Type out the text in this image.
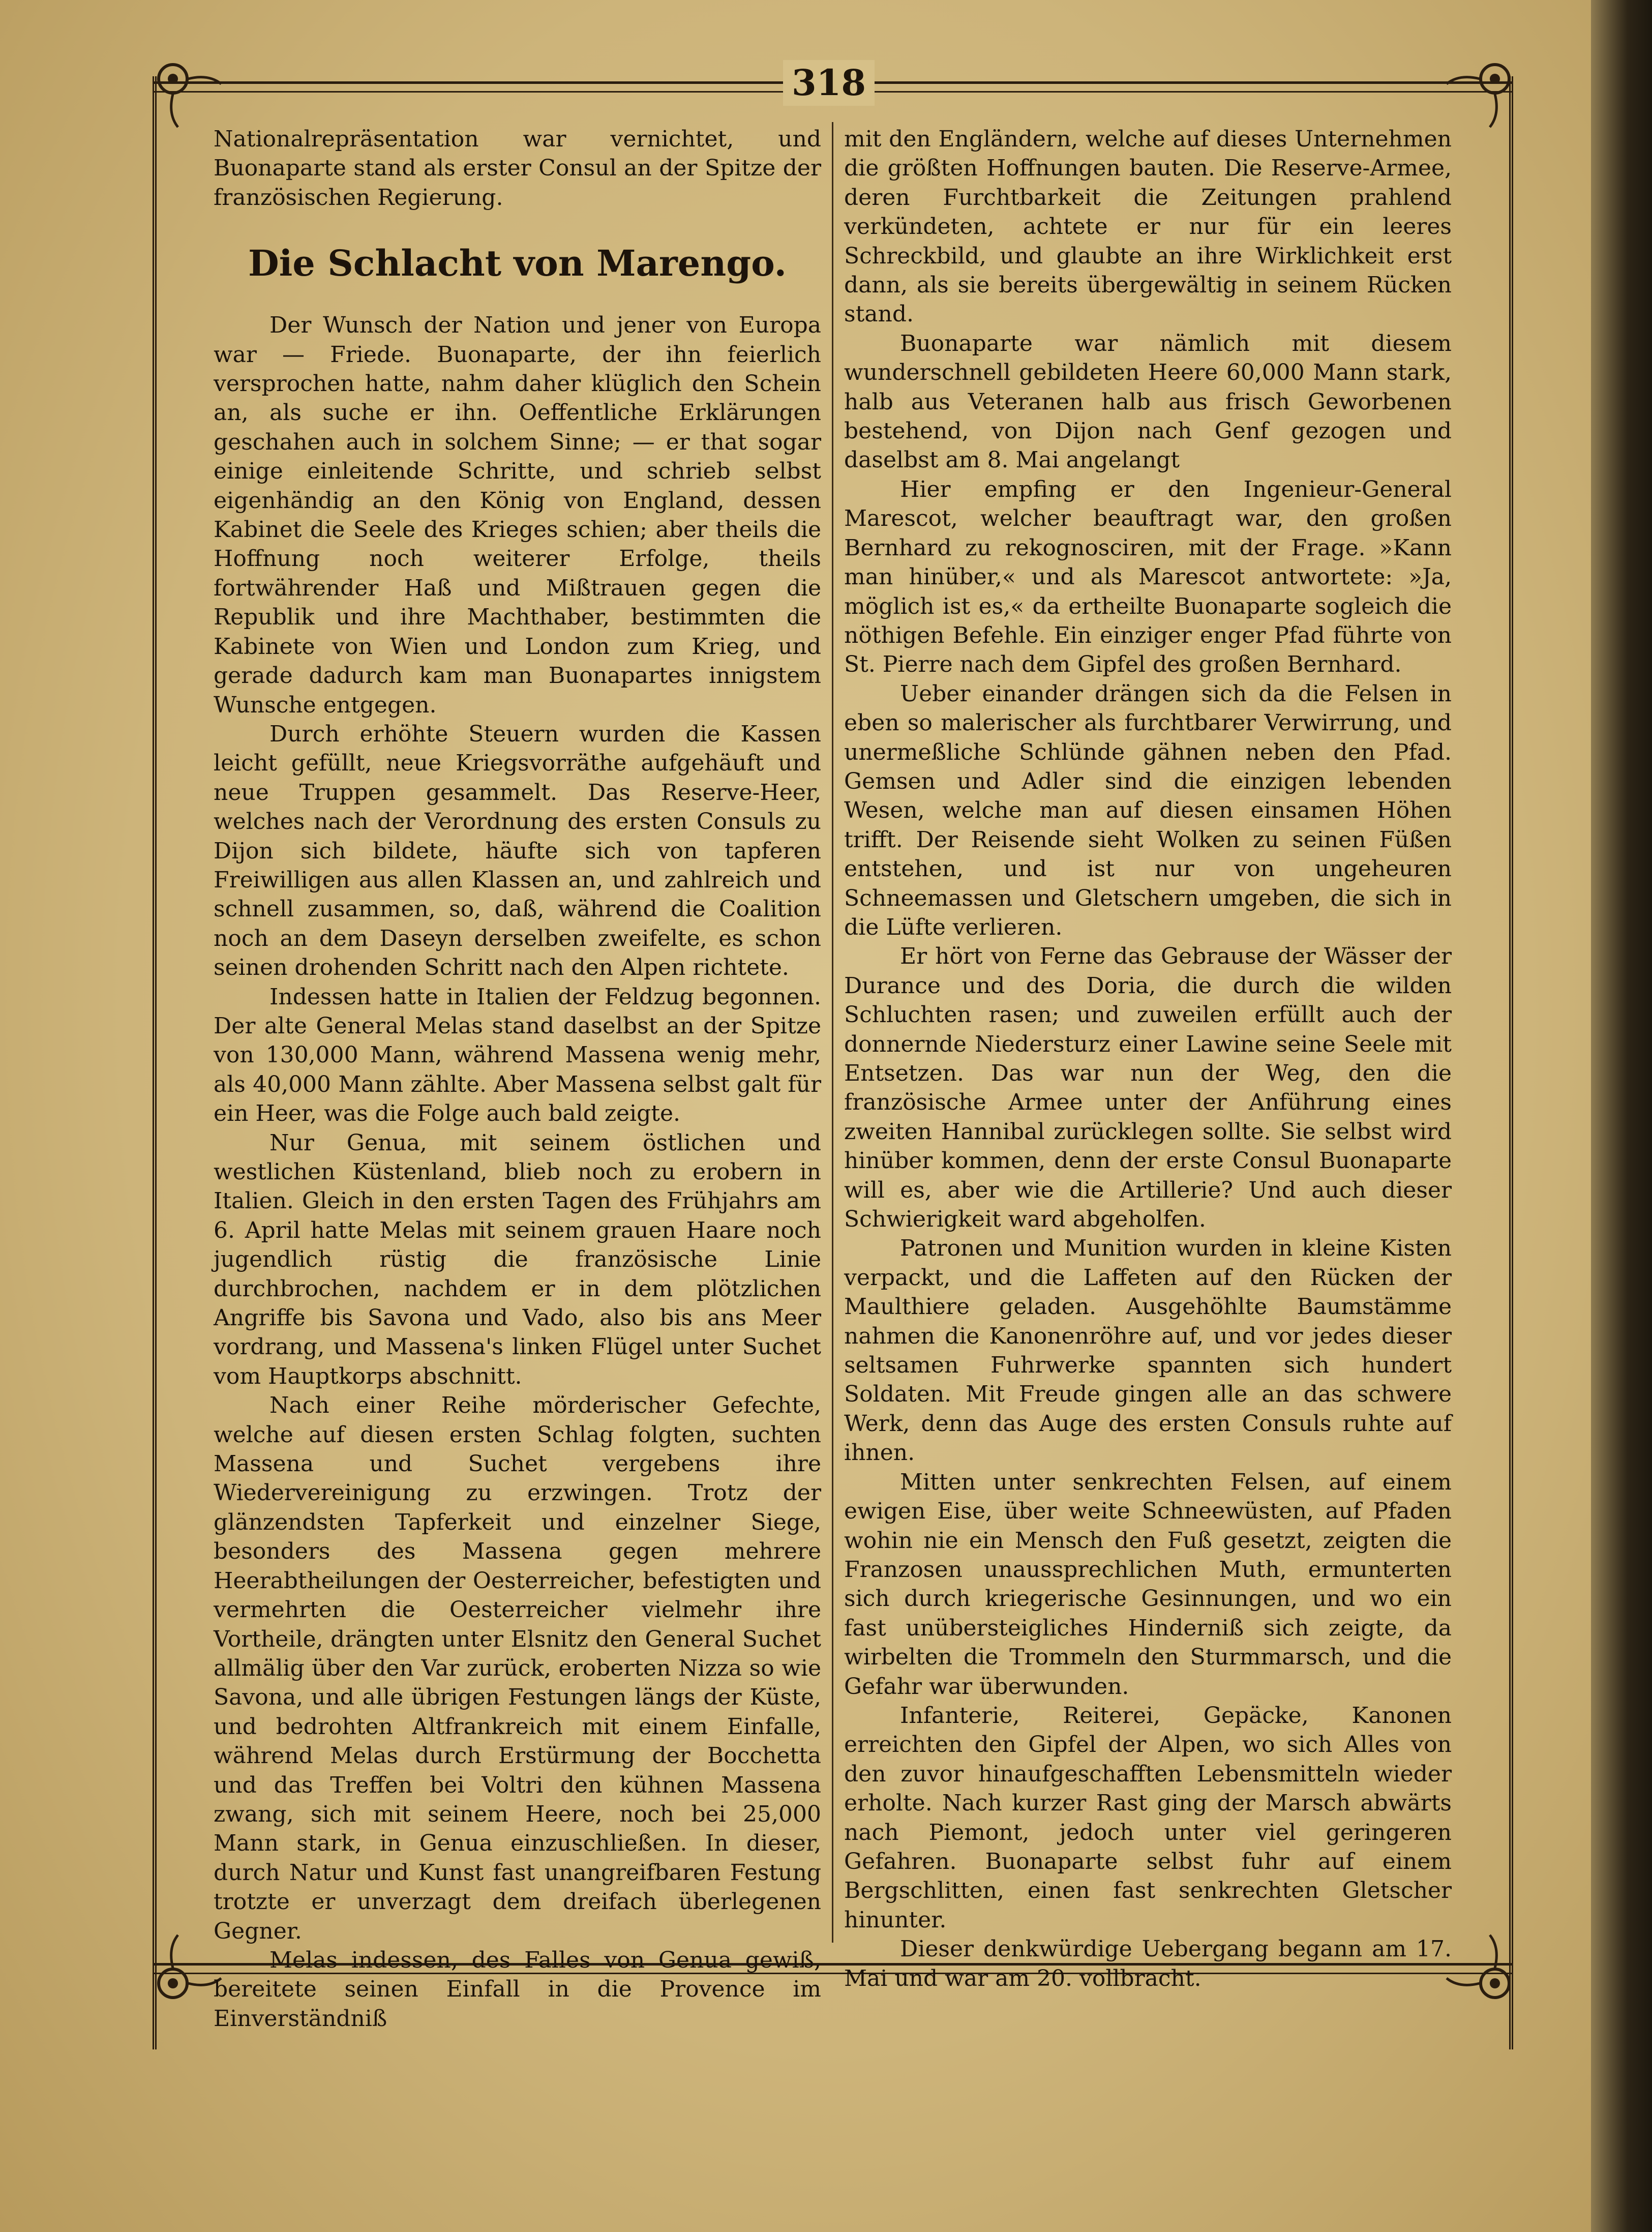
318

Nationalrepräsentation war vernichtet, und Buonaparte stand als erster Consul an der Spitze der französischen Regierung.

Die Schlacht von Marengo.

Der Wunsch der Nation und jener von Europa war — Friede. Buonaparte, der ihn feierlich versprochen hatte, nahm daher klüglich den Schein an, als suche er ihn. Oeffentliche Erklärungen geschahen auch in solchem Sinne; — er that sogar einige einleitende Schritte, und schrieb selbst eigenhändig an den König von England, dessen Kabinet die Seele des Krieges schien; aber theils die Hoffnung noch weiterer Erfolge, theils fortwährender Haß und Mißtrauen gegen die Republik und ihre Machthaber, bestimmten die Kabinete von Wien und London zum Krieg, und gerade dadurch kam man Buonapartes innigstem Wunsche entgegen.

Durch erhöhte Steuern wurden die Kassen leicht gefüllt, neue Kriegsvorräthe aufgehäuft und neue Truppen gesammelt. Das Reserve-Heer, welches nach der Verordnung des ersten Consuls zu Dijon sich bildete, häufte sich von tapferen Freiwilligen aus allen Klassen an, und zahlreich und schnell zusammen, so, daß, während die Coalition noch an dem Daseyn derselben zweifelte, es schon seinen drohenden Schritt nach den Alpen richtete.

Indessen hatte in Italien der Feldzug begonnen. Der alte General Melas stand daselbst an der Spitze von 130,000 Mann, während Massena wenig mehr, als 40,000 Mann zählte. Aber Massena selbst galt für ein Heer, was die Folge auch bald zeigte.

Nur Genua, mit seinem östlichen und westlichen Küstenland, blieb noch zu erobern in Italien. Gleich in den ersten Tagen des Frühjahrs am 6. April hatte Melas mit seinem grauen Haare noch jugendlich rüstig die französische Linie durchbrochen, nachdem er in dem plötzlichen Angriffe bis Savona und Vado, also bis ans Meer vordrang, und Massena's linken Flügel unter Suchet vom Hauptkorps abschnitt.

Nach einer Reihe mörderischer Gefechte, welche auf diesen ersten Schlag folgten, suchten Massena und Suchet vergebens ihre Wiedervereinigung zu erzwingen. Trotz der glänzendsten Tapferkeit und einzelner Siege, besonders des Massena gegen mehrere Heerabtheilungen der Oesterreicher, befestigten und vermehrten die Oesterreicher vielmehr ihre Vortheile, drängten unter Elsnitz den General Suchet allmälig über den Var zurück, eroberten Nizza so wie Savona, und alle übrigen Festungen längs der Küste, und bedrohten Altfrankreich mit einem Einfalle, während Melas durch Erstürmung der Bocchetta und das Treffen bei Voltri den kühnen Massena zwang, sich mit seinem Heere, noch bei 25,000 Mann stark, in Genua einzuschließen. In dieser, durch Natur und Kunst fast unangreifbaren Festung trotzte er unverzagt dem dreifach überlegenen Gegner.

Melas indessen, des Falles von Genua gewiß, bereitete seinen Einfall in die Provence im Einverständniß

mit den Engländern, welche auf dieses Unternehmen die größten Hoffnungen bauten. Die Reserve-Armee, deren Furchtbarkeit die Zeitungen prahlend verkündeten, achtete er nur für ein leeres Schreckbild, und glaubte an ihre Wirklichkeit erst dann, als sie bereits übergewältig in seinem Rücken stand.

Buonaparte war nämlich mit diesem wunderschnell gebildeten Heere 60,000 Mann stark, halb aus Veteranen halb aus frisch Geworbenen bestehend, von Dijon nach Genf gezogen und daselbst am 8. Mai angelangt

Hier empfing er den Ingenieur-General Marescot, welcher beauftragt war, den großen Bernhard zu rekognosciren, mit der Frage. »Kann man hinüber,« und als Marescot antwortete: »Ja, möglich ist es,« da ertheilte Buonaparte sogleich die nöthigen Befehle. Ein einziger enger Pfad führte von St. Pierre nach dem Gipfel des großen Bernhard.

Ueber einander drängen sich da die Felsen in eben so malerischer als furchtbarer Verwirrung, und unermeßliche Schlünde gähnen neben den Pfad. Gemsen und Adler sind die einzigen lebenden Wesen, welche man auf diesen einsamen Höhen trifft. Der Reisende sieht Wolken zu seinen Füßen entstehen, und ist nur von ungeheuren Schneemassen und Gletschern umgeben, die sich in die Lüfte verlieren.

Er hört von Ferne das Gebrause der Wässer der Durance und des Doria, die durch die wilden Schluchten rasen; und zuweilen erfüllt auch der donnernde Niedersturz einer Lawine seine Seele mit Entsetzen. Das war nun der Weg, den die französische Armee unter der Anführung eines zweiten Hannibal zurücklegen sollte. Sie selbst wird hinüber kommen, denn der erste Consul Buonaparte will es, aber wie die Artillerie? Und auch dieser Schwierigkeit ward abgeholfen.

Patronen und Munition wurden in kleine Kisten verpackt, und die Laffeten auf den Rücken der Maulthiere geladen. Ausgehöhlte Baumstämme nahmen die Kanonenröhre auf, und vor jedes dieser seltsamen Fuhrwerke spannten sich hundert Soldaten. Mit Freude gingen alle an das schwere Werk, denn das Auge des ersten Consuls ruhte auf ihnen.

Mitten unter senkrechten Felsen, auf einem ewigen Eise, über weite Schneewüsten, auf Pfaden wohin nie ein Mensch den Fuß gesetzt, zeigten die Franzosen unaussprechlichen Muth, ermunterten sich durch kriegerische Gesinnungen, und wo ein fast unübersteigliches Hinderniß sich zeigte, da wirbelten die Trommeln den Sturmmarsch, und die Gefahr war überwunden.

Infanterie, Reiterei, Gepäcke, Kanonen erreichten den Gipfel der Alpen, wo sich Alles von den zuvor hinaufgeschafften Lebensmitteln wieder erholte. Nach kurzer Rast ging der Marsch abwärts nach Piemont, jedoch unter viel geringeren Gefahren. Buonaparte selbst fuhr auf einem Bergschlitten, einen fast senkrechten Gletscher hinunter.

Dieser denkwürdige Uebergang begann am 17. Mai und war am 20. vollbracht.
